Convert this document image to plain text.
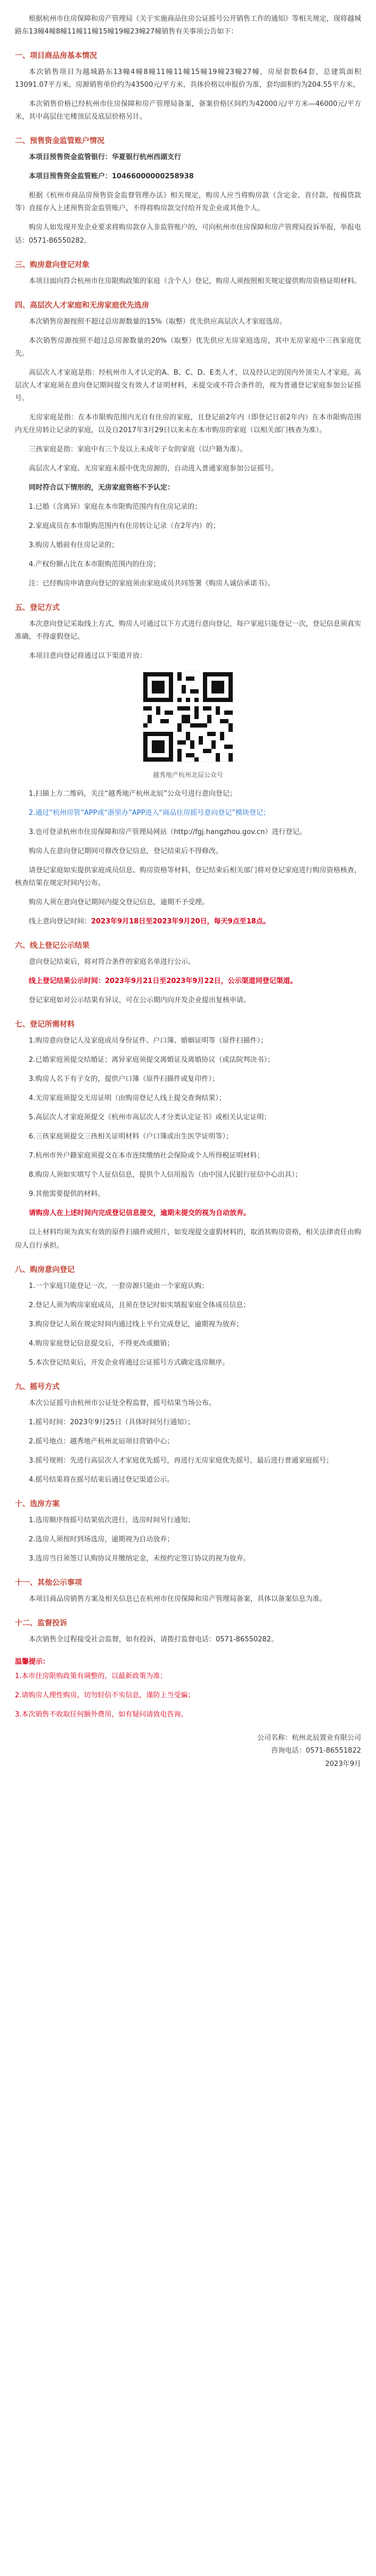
根据杭州市住房保障和房产管理局《关于实施商品住房公证摇号公开销售工作的通知》等相关规定，现将越城路东13幢4幢8幢11幢11幢15幢19幢23幢27幢销售有关事项公告如下：

一、项目商品房基本情况

本次销售项目为越城路东13幢4幢8幢11幢11幢15幢19幢23幢27幢，房屋套数64套，总建筑面积13091.07平方米。房源销售单价约为43500元/平方米，具体价格以申报价为准，套均面积约为204.55平方米。

本次销售价格已经杭州市住房保障和房产管理局备案，备案价格区间约为42000元/平方米—46000元/平方米，其中高层住宅楼顶层及底层价格另计。

二、预售资金监管账户情况

本项目预售资金监管银行：华夏银行杭州西湖支行

本项目预售资金监管账户：10466000000258938

根据《杭州市商品房预售资金监督管理办法》相关规定，购房人应当将购房款（含定金、首付款、按揭贷款等）直接存入上述预售资金监管账户，不得将购房款交付给开发企业或其他个人。

购房人如发现开发企业要求将购房款存入非监管账户的，可向杭州市住房保障和房产管理局投诉举报，举报电话：0571-86550282。

三、购房意向登记对象

本项目面向符合杭州市住房限购政策的家庭（含个人）登记，购房人须按照相关规定提供购房资格证明材料。

四、高层次人才家庭和无房家庭优先选房

本次销售房源按照不超过总房源数量的15%（取整）优先供应高层次人才家庭选房。

本次销售房源按照不超过总房源数量的20%（取整）优先供应无房家庭选房，其中无房家庭中三孩家庭优先。

高层次人才家庭是指：经杭州市人才认定的A、B、C、D、E类人才，以及经认定的国内外顶尖人才家庭。高层次人才家庭须在意向登记期间提交有效人才证明材料，未提交或不符合条件的，视为普通登记家庭参加公证摇号。

无房家庭是指：在本市限购范围内无自有住房的家庭，且登记前2年内（即登记日前2年内）在本市限购范围内无住房转让记录的家庭，以及自2017年3月29日以来未在本市购房的家庭（以相关部门核查为准）。

三孩家庭是指：家庭中有三个及以上未成年子女的家庭（以户籍为准）。

高层次人才家庭、无房家庭未摇中优先房源的，自动进入普通家庭参加公证摇号。

同时符合以下情形的，无房家庭资格不予认定：

1.已婚（含离异）家庭在本市限购范围内有住房记录的；

2.家庭成员在本市限购范围内有住房转让记录（在2年内）的；

3.购房人婚前有住房记录的；

4.产权份额占比在本市限购范围内的住房；

注：已经购房申请意向登记的家庭须由家庭成员共同签署《购房人诚信承诺书》。

五、登记方式

本次意向登记采取线上方式，购房人可通过以下方式进行意向登记，每户家庭只能登记一次，登记信息须真实准确，不得虚假登记。

本项目意向登记将通过以下渠道开放：

越秀地产杭州北辰公众号

1.扫描上方二维码，关注“越秀地产杭州北辰”公众号进行意向登记；

2.通过“杭州房管”APP或“浙里办”APP进入“商品住房摇号意向登记”模块登记；

3.也可登录杭州市住房保障和房产管理局网站（http://fgj.hangzhou.gov.cn）进行登记。

购房人在意向登记期间可修改登记信息，登记结束后不得修改。

请登记家庭如实提供家庭成员信息、购房资格等材料，登记结束后相关部门将对登记家庭进行购房资格核查，核查结果在规定时间内公布。

购房人须在意向登记期间内提交登记信息，逾期不予受理。

线上意向登记时间：2023年9月18日至2023年9月20日，每天9点至18点。

六、线上登记公示结果

意向登记结束后，将对符合条件的家庭名单进行公示。

线上登记结果公示时间：2023年9月21日至2023年9月22日，公示渠道同登记渠道。

登记家庭如对公示结果有异议，可在公示期内向开发企业提出复核申请。

七、登记所需材料

1.购房意向登记人及家庭成员身份证件、户口簿、婚姻证明等（原件扫描件）；

2.已婚家庭须提交结婚证；离异家庭须提交离婚证及离婚协议（或法院判决书）；

3.购房人名下有子女的，提供户口簿（原件扫描件或复印件）；

4.无房家庭须提交无房证明（由购房登记人线上提交查询结果）；

5.高层次人才家庭须提交《杭州市高层次人才分类认定证书》或相关认定证明；

6.三孩家庭须提交三孩相关证明材料（户口簿或出生医学证明等）；

7.杭州市外户籍家庭须提交在本市连续缴纳社会保险或个人所得税证明材料；

8.购房人须如实填写个人征信信息，提供个人信用报告（由中国人民银行征信中心出具）；

9.其他需要提供的材料。

请购房人在上述时间内完成登记信息提交，逾期未提交的视为自动放弃。

以上材料均须为真实有效的原件扫描件或照片，如发现提交虚假材料的，取消其购房资格，相关法律责任由购房人自行承担。

八、购房意向登记

1.一个家庭只能登记一次，一套房源只能由一个家庭认购；

2.登记人须为购房家庭成员，且须在登记时如实填报家庭全体成员信息；

3.购房登记人须在规定时间内通过线上平台完成登记，逾期视为放弃；

4.购房家庭登记信息提交后，不得更改或撤销；

5.本次登记结束后，开发企业将通过公证摇号方式确定选房顺序。

九、摇号方式

本次公证摇号由杭州市公证处全程监督，摇号结果当场公布。

1.摇号时间：2023年9月25日（具体时间另行通知）；

2.摇号地点：越秀地产杭州北辰项目营销中心；

3.摇号规则：先进行高层次人才家庭优先摇号，再进行无房家庭优先摇号，最后进行普通家庭摇号；

4.摇号结果将在摇号结束后通过登记渠道公示。

十、选房方案

1.选房顺序按摇号结果依次进行，选房时间另行通知；

2.选房人须按时到场选房，逾期视为自动放弃；

3.选房当日须签订认购协议并缴纳定金，未按约定签订协议的视为放弃。

十一、其他公示事项

本项目商品房销售方案及相关信息已在杭州市住房保障和房产管理局备案，具体以备案信息为准。

十二、监督投诉

本次销售全过程接受社会监督，如有投诉，请拨打监督电话：0571-86550282。

温馨提示：

1.本市住房限购政策有调整的，以最新政策为准；

2.请购房人理性购房，切勿轻信不实信息，谨防上当受骗；

3.本次销售不收取任何额外费用，如有疑问请致电咨询。

公司名称：杭州北辰置业有限公司

咨询电话：0571-86551822

2023年9月
